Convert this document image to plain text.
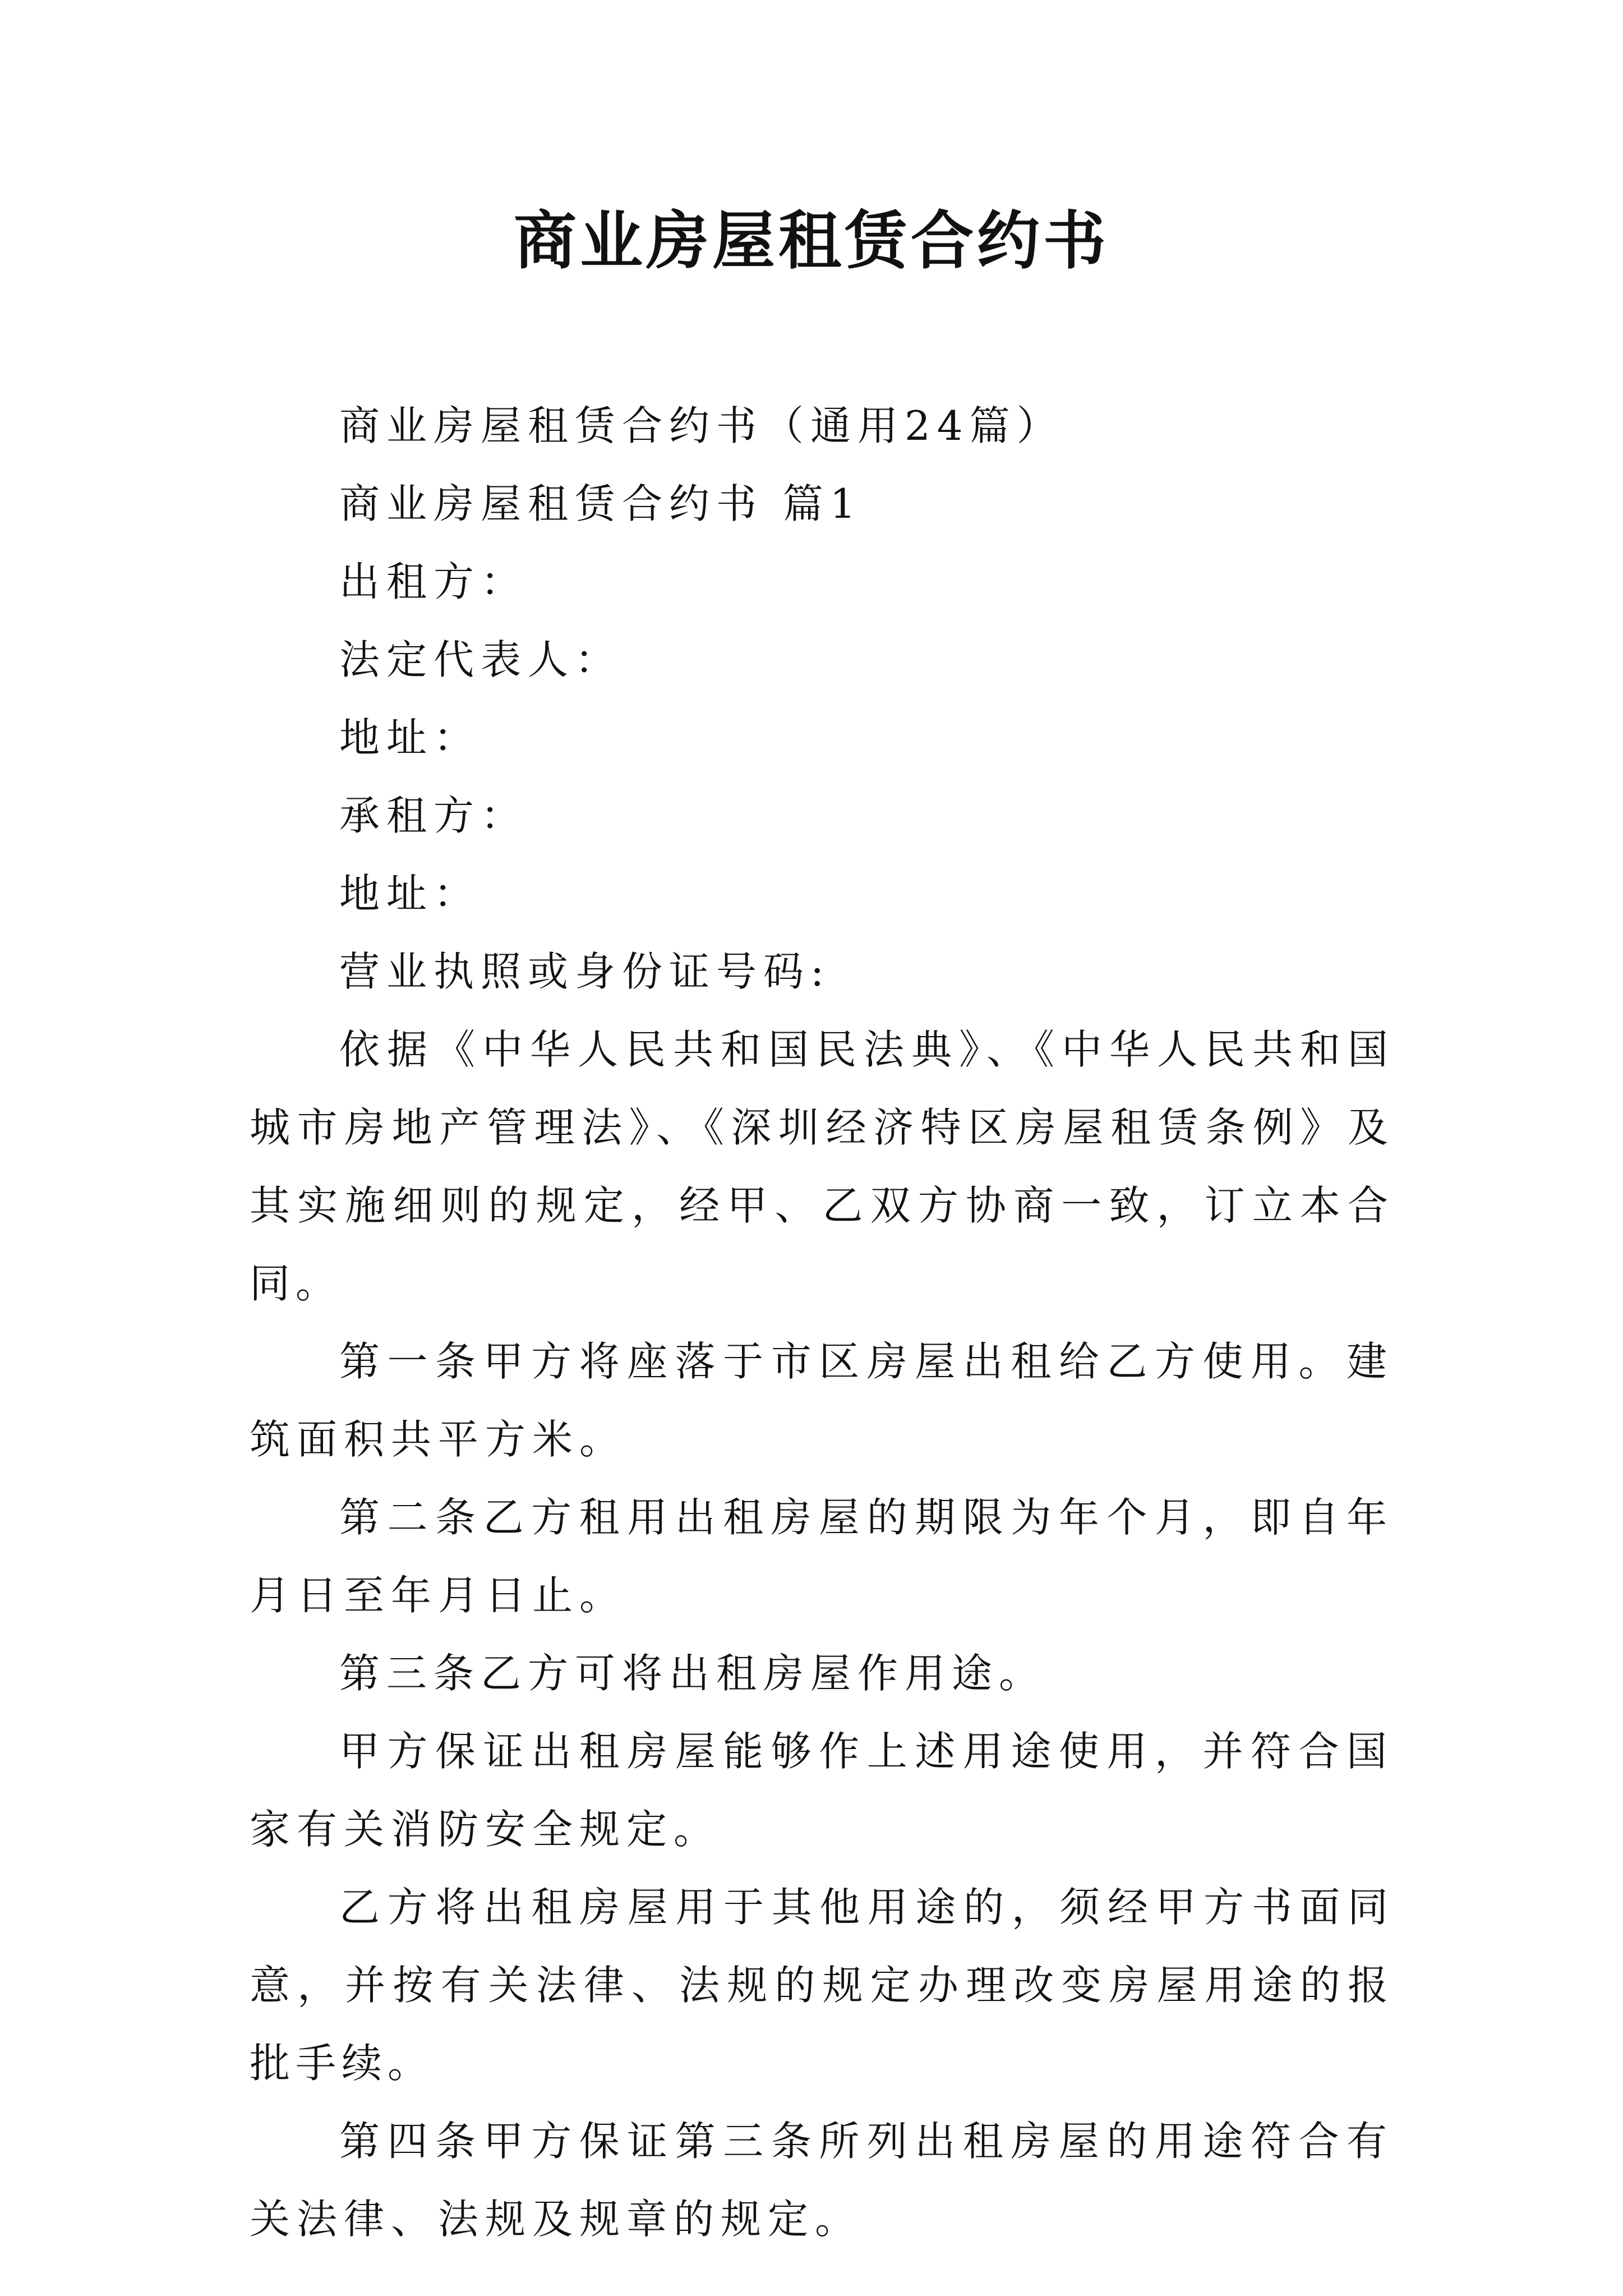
商业房屋租赁合约书

商业房屋租赁合约书（通用24篇）

商业房屋租赁合约书 篇1

出租方：

法定代表人：

地址：

承租方：

地址：

营业执照或身份证号码:

依据《中华人民共和国民法典》、《中华人民共和国城市房地产管理法》、《深圳经济特区房屋租赁条例》及其实施细则的规定，经甲、乙双方协商一致，订立本合同。

第一条甲方将座落于市区房屋出租给乙方使用。建筑面积共平方米。

第二条乙方租用出租房屋的期限为年个月，即自年月日至年月日止。

第三条乙方可将出租房屋作用途。

甲方保证出租房屋能够作上述用途使用，并符合国家有关消防安全规定。

乙方将出租房屋用于其他用途的，须经甲方书面同意，并按有关法律、法规的规定办理改变房屋用途的报批手续。

第四条甲方保证第三条所列出租房屋的用途符合有关法律、法规及规章的规定。
